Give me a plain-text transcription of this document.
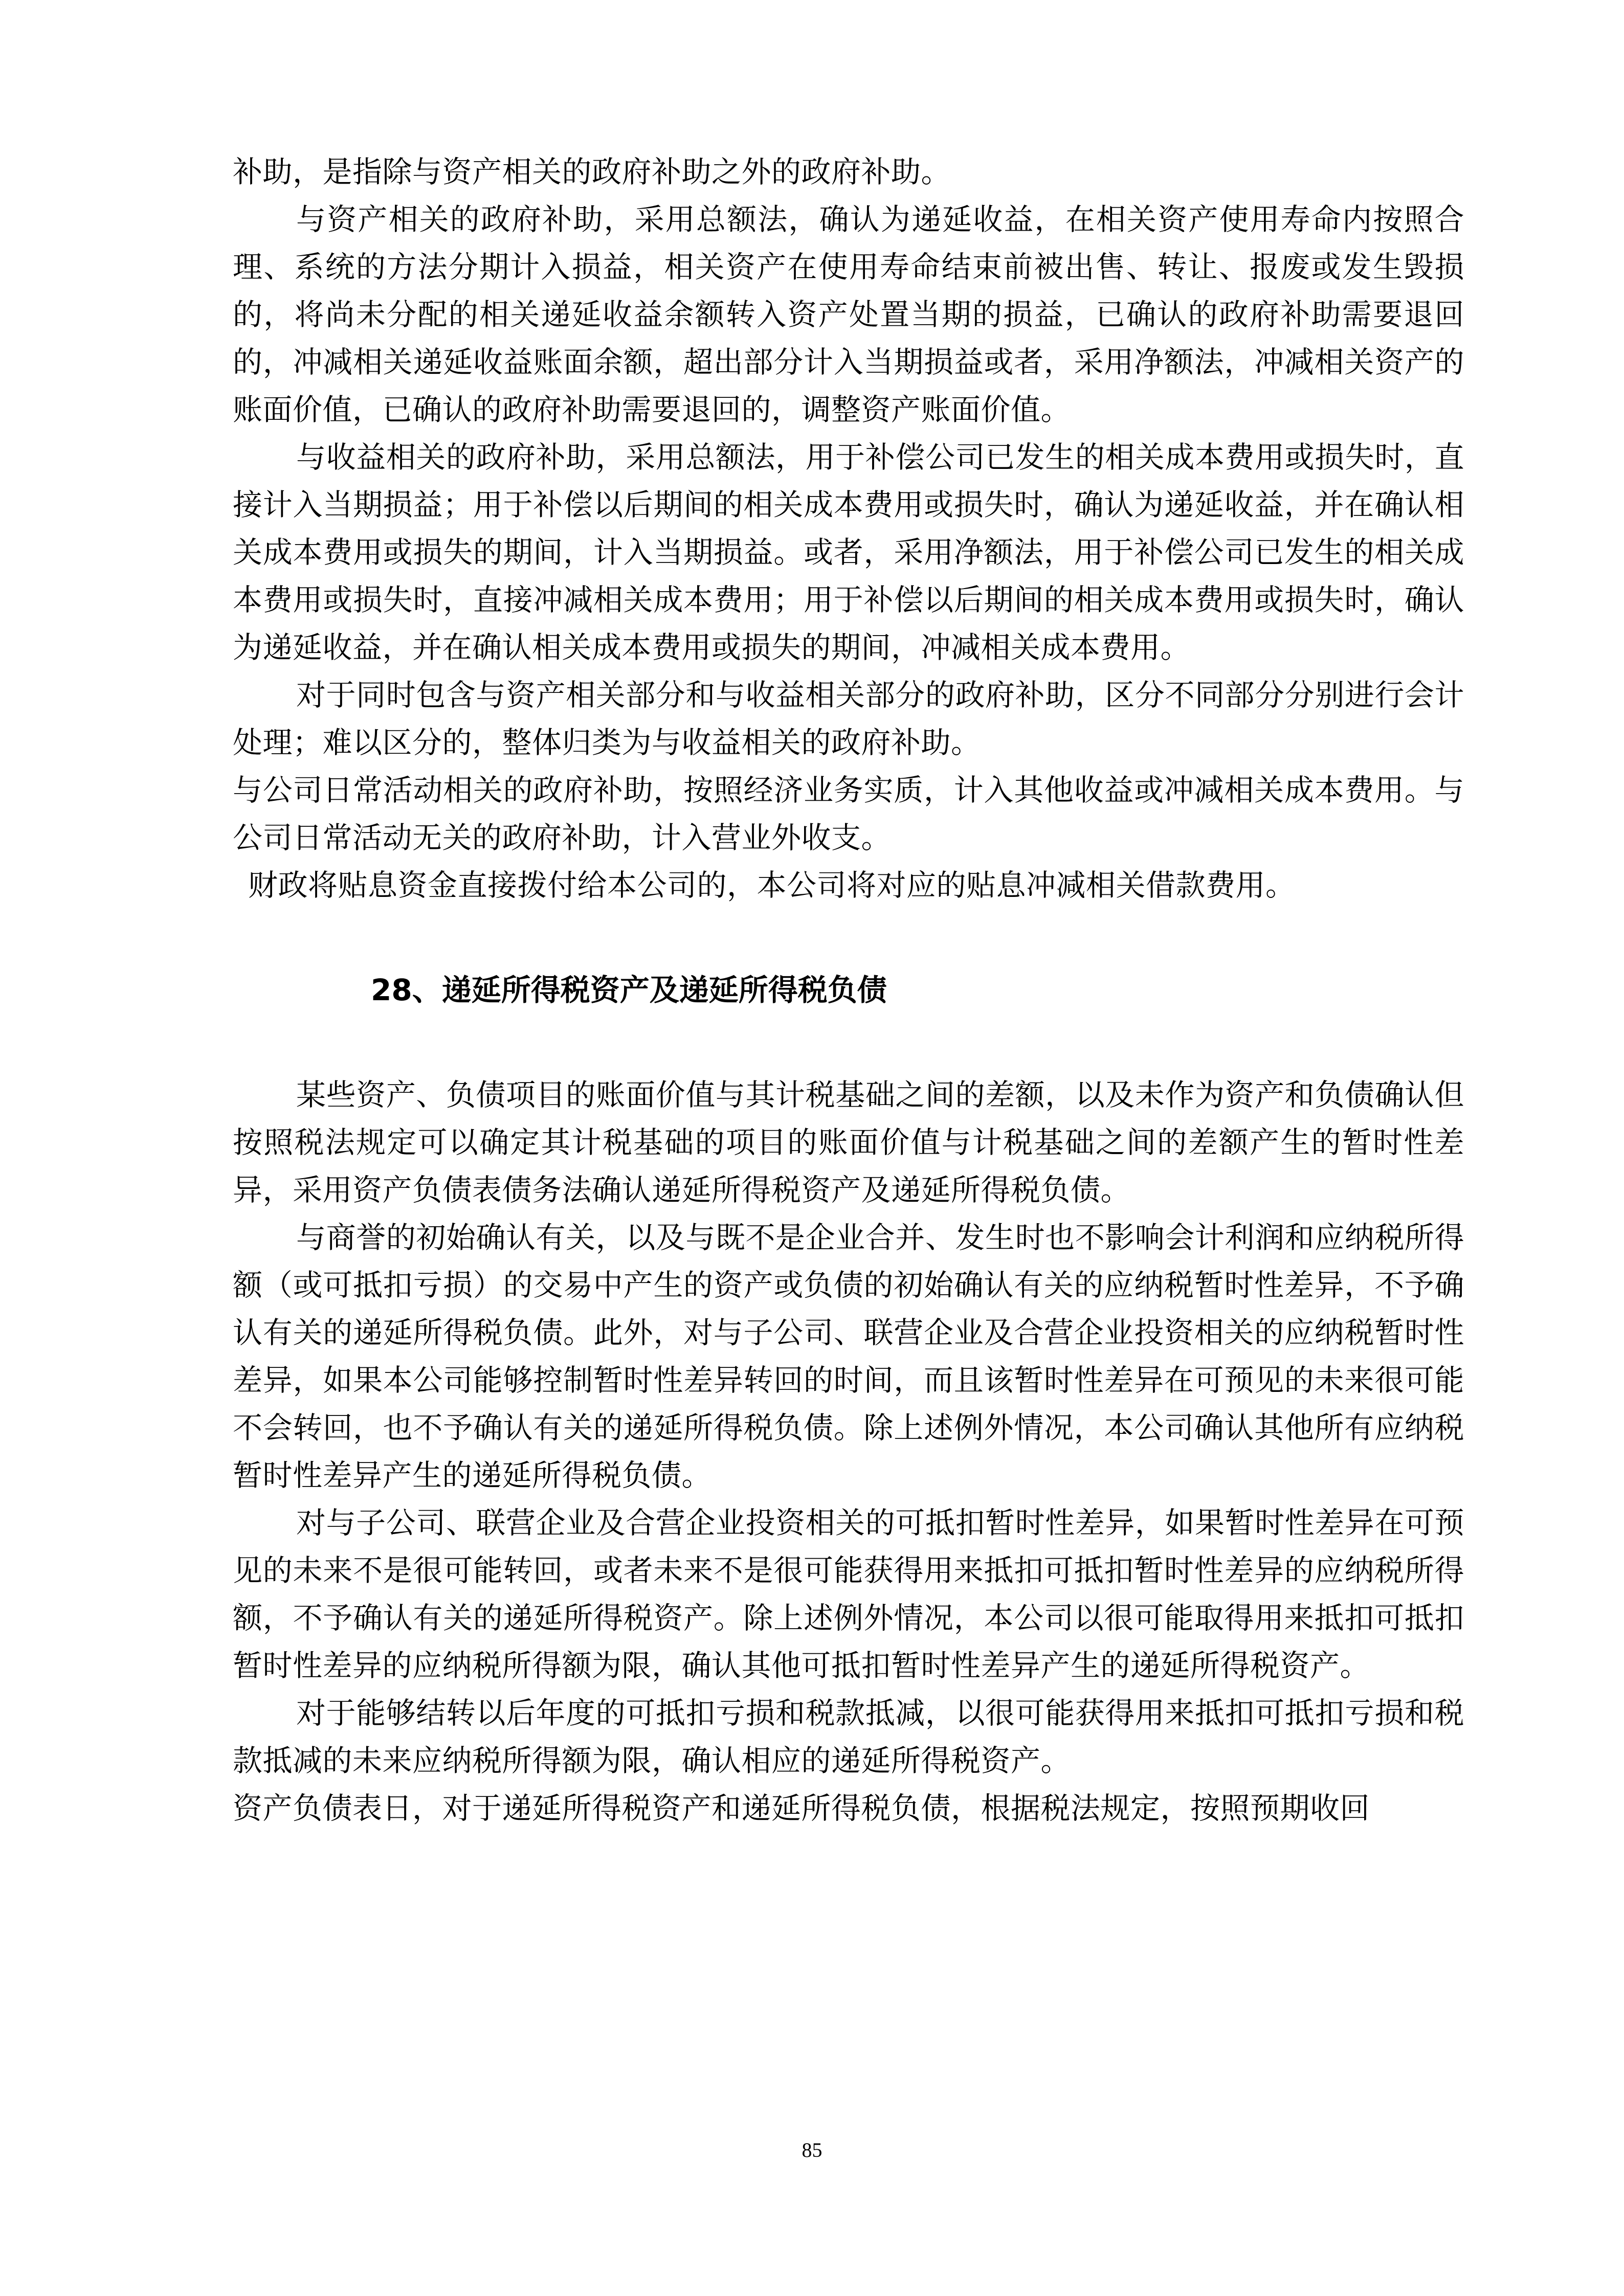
补助，是指除与资产相关的政府补助之外的政府补助。

与资产相关的政府补助，采用总额法，确认为递延收益，在相关资产使用寿命内按照合理、系统的方法分期计入损益，相关资产在使用寿命结束前被出售、转让、报废或发生毁损的，将尚未分配的相关递延收益余额转入资产处置当期的损益，已确认的政府补助需要退回的，冲减相关递延收益账面余额，超出部分计入当期损益或者，采用净额法，冲减相关资产的账面价值，已确认的政府补助需要退回的，调整资产账面价值。

与收益相关的政府补助，采用总额法，用于补偿公司已发生的相关成本费用或损失时，直接计入当期损益；用于补偿以后期间的相关成本费用或损失时，确认为递延收益，并在确认相关成本费用或损失的期间，计入当期损益。或者，采用净额法，用于补偿公司已发生的相关成本费用或损失时，直接冲减相关成本费用；用于补偿以后期间的相关成本费用或损失时，确认为递延收益，并在确认相关成本费用或损失的期间，冲减相关成本费用。

对于同时包含与资产相关部分和与收益相关部分的政府补助，区分不同部分分别进行会计处理；难以区分的，整体归类为与收益相关的政府补助。

与公司日常活动相关的政府补助，按照经济业务实质，计入其他收益或冲减相关成本费用。与公司日常活动无关的政府补助，计入营业外收支。

财政将贴息资金直接拨付给本公司的，本公司将对应的贴息冲减相关借款费用。

28、递延所得税资产及递延所得税负债

某些资产、负债项目的账面价值与其计税基础之间的差额，以及未作为资产和负债确认但按照税法规定可以确定其计税基础的项目的账面价值与计税基础之间的差额产生的暂时性差异，采用资产负债表债务法确认递延所得税资产及递延所得税负债。

与商誉的初始确认有关，以及与既不是企业合并、发生时也不影响会计利润和应纳税所得额（或可抵扣亏损）的交易中产生的资产或负债的初始确认有关的应纳税暂时性差异，不予确认有关的递延所得税负债。此外，对与子公司、联营企业及合营企业投资相关的应纳税暂时性差异，如果本公司能够控制暂时性差异转回的时间，而且该暂时性差异在可预见的未来很可能不会转回，也不予确认有关的递延所得税负债。除上述例外情况，本公司确认其他所有应纳税暂时性差异产生的递延所得税负债。

对与子公司、联营企业及合营企业投资相关的可抵扣暂时性差异，如果暂时性差异在可预见的未来不是很可能转回，或者未来不是很可能获得用来抵扣可抵扣暂时性差异的应纳税所得额，不予确认有关的递延所得税资产。除上述例外情况，本公司以很可能取得用来抵扣可抵扣暂时性差异的应纳税所得额为限，确认其他可抵扣暂时性差异产生的递延所得税资产。

对于能够结转以后年度的可抵扣亏损和税款抵减，以很可能获得用来抵扣可抵扣亏损和税款抵减的未来应纳税所得额为限，确认相应的递延所得税资产。

资产负债表日，对于递延所得税资产和递延所得税负债，根据税法规定，按照预期收回

85
